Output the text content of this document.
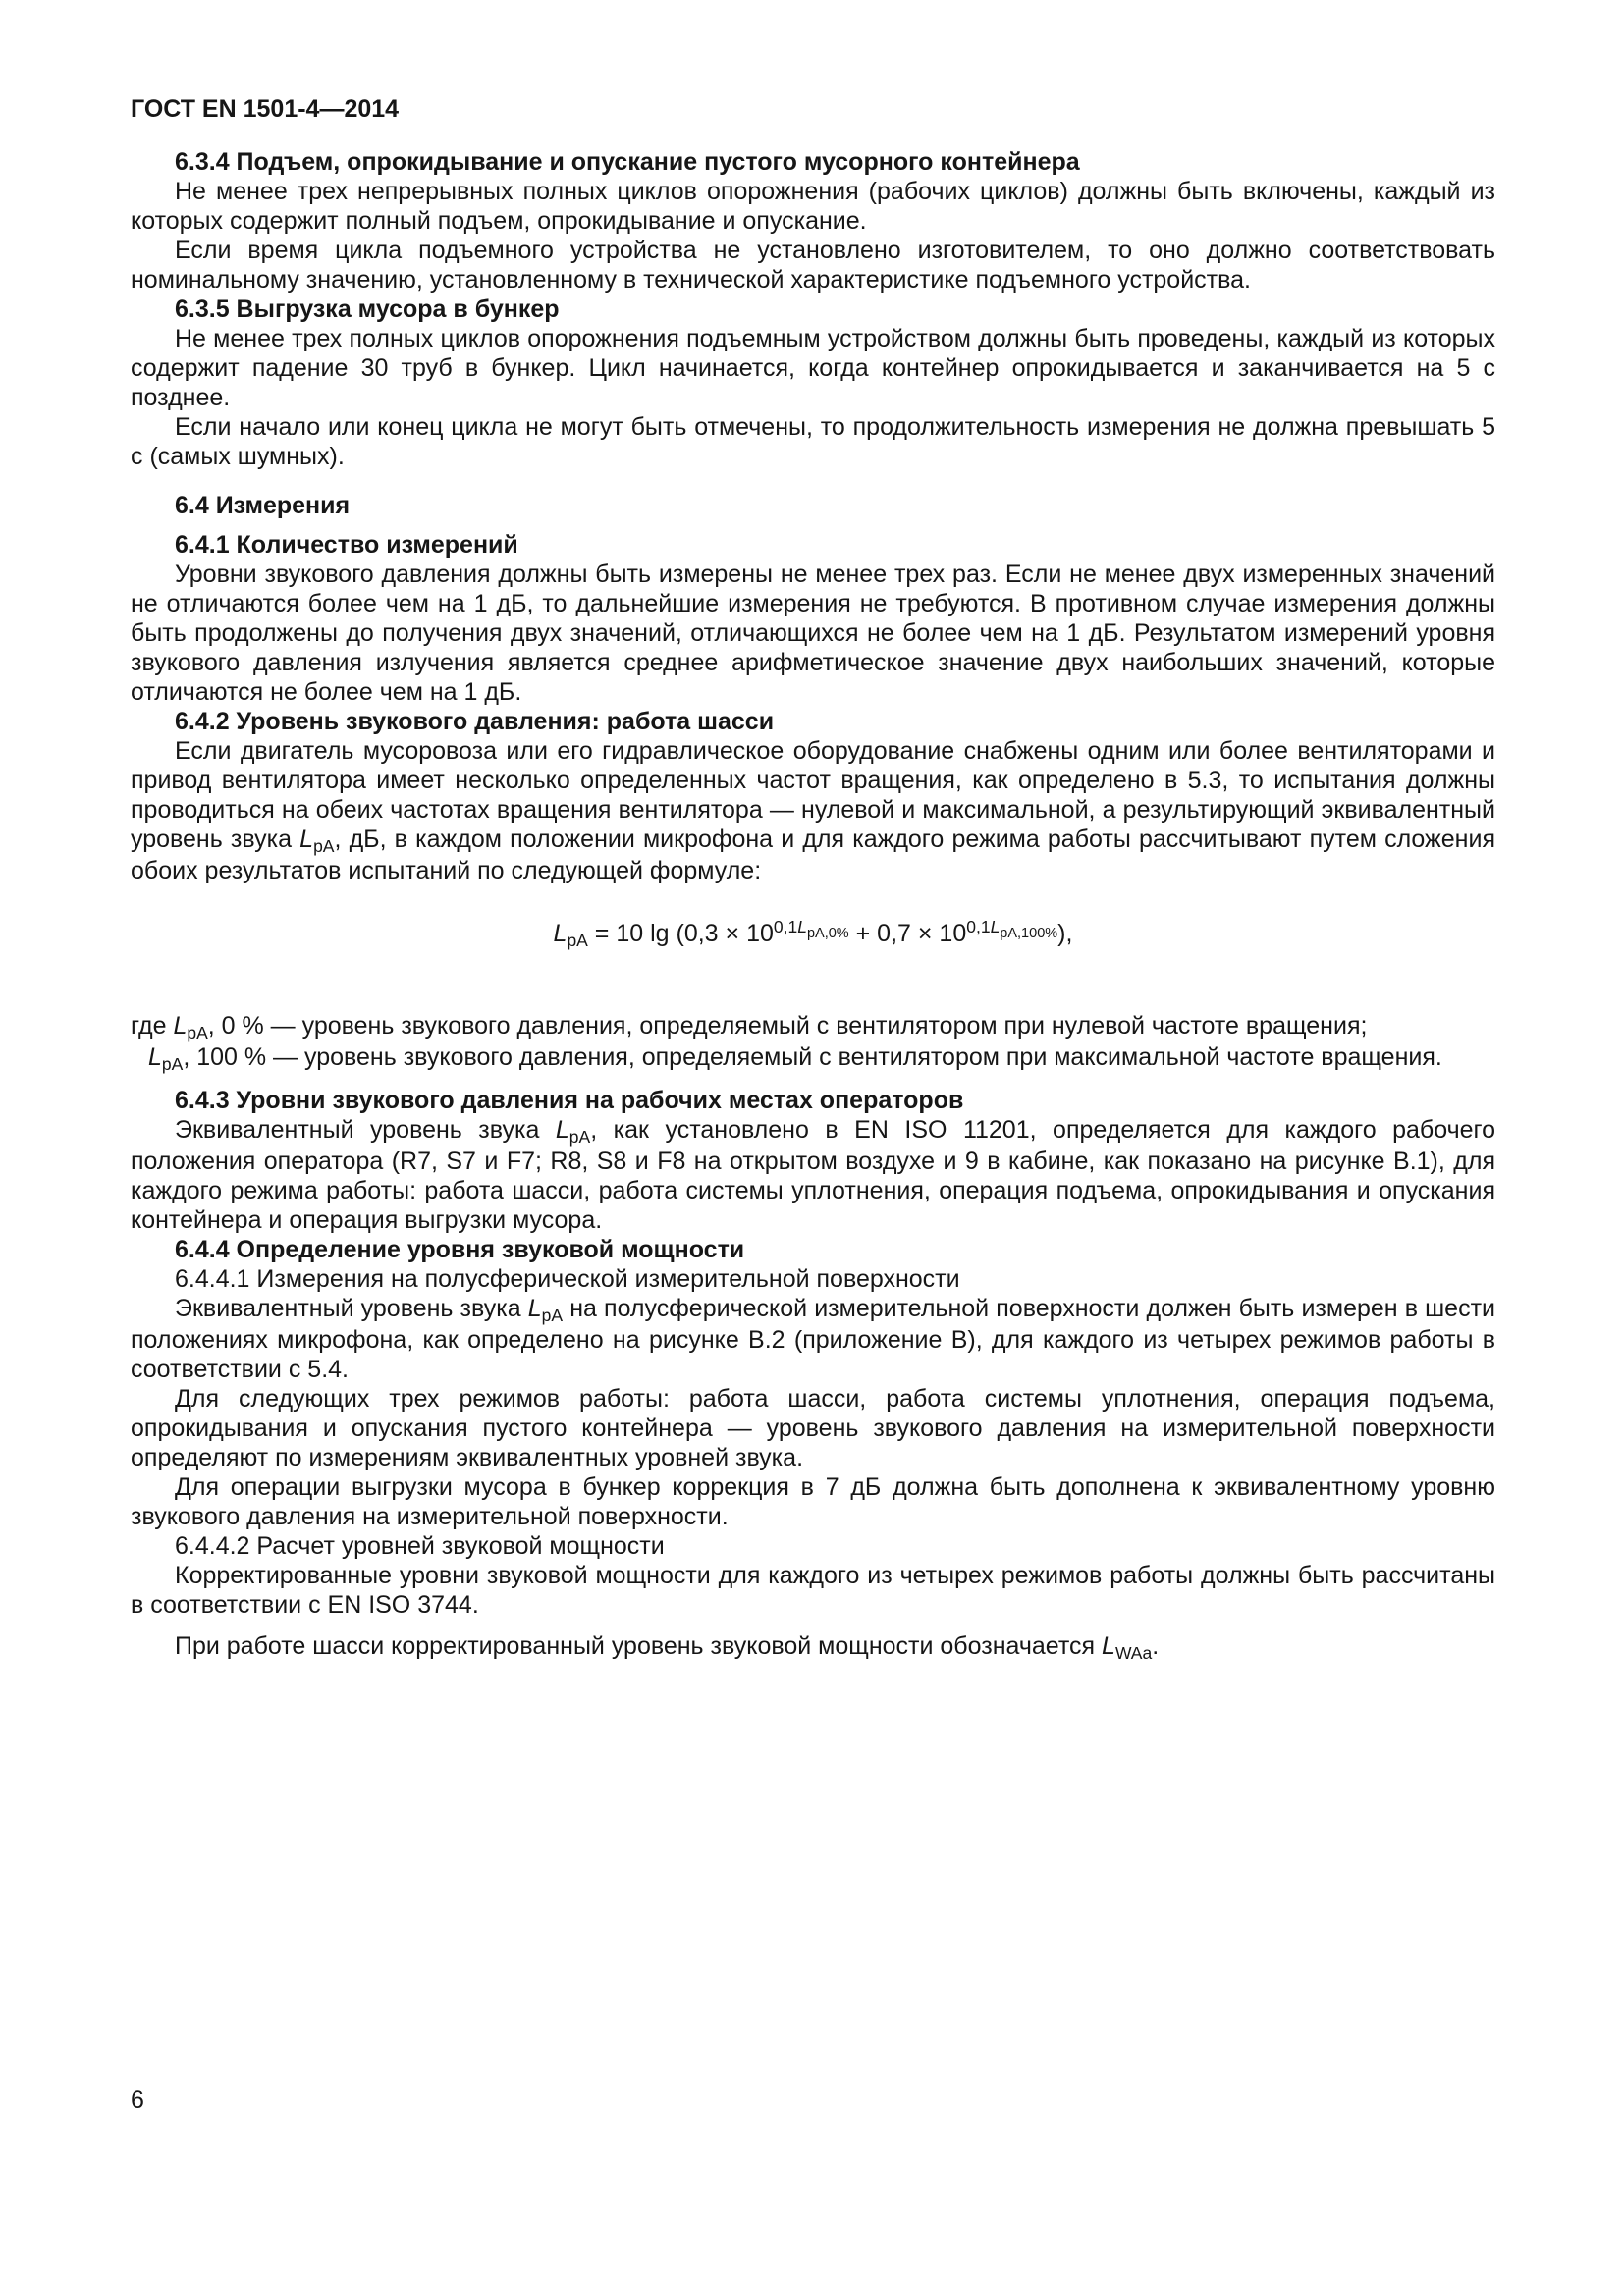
ГОСТ EN 1501-4—2014
6.3.4 Подъем, опрокидывание и опускание пустого мусорного контейнера
Не менее трех непрерывных полных циклов опорожнения (рабочих циклов) должны быть включены, каждый из которых содержит полный подъем, опрокидывание и опускание.
Если время цикла подъемного устройства не установлено изготовителем, то оно должно соответствовать номинальному значению, установленному в технической характеристике подъемного устройства.
6.3.5 Выгрузка мусора в бункер
Не менее трех полных циклов опорожнения подъемным устройством должны быть проведены, каждый из которых содержит падение 30 труб в бункер. Цикл начинается, когда контейнер опрокидывается и заканчивается на 5 с позднее.
Если начало или конец цикла не могут быть отмечены, то продолжительность измерения не должна превышать 5 с (самых шумных).
6.4 Измерения
6.4.1 Количество измерений
Уровни звукового давления должны быть измерены не менее трех раз. Если не менее двух измеренных значений не отличаются более чем на 1 дБ, то дальнейшие измерения не требуются. В противном случае измерения должны быть продолжены до получения двух значений, отличающихся не более чем на 1 дБ. Результатом измерений уровня звукового давления излучения является среднее арифметическое значение двух наибольших значений, которые отличаются не более чем на 1 дБ.
6.4.2 Уровень звукового давления: работа шасси
Если двигатель мусоровоза или его гидравлическое оборудование снабжены одним или более вентиляторами и привод вентилятора имеет несколько определенных частот вращения, как определено в 5.3, то испытания должны проводиться на обеих частотах вращения вентилятора — нулевой и максимальной, а результирующий эквивалентный уровень звука LpA, дБ, в каждом положении микрофона и для каждого режима работы рассчитывают путем сложения обоих результатов испытаний по следующей формуле:
LpA = 10 $\lg (0,3 \times 10^{0,1L}pA,0\% + 0,7 \times 10^{0,1L}pA,100\%)$,
где LpA, 0 % — уровень звукового давления, определяемый с вентилятором при нулевой частоте вращения;
LpA, 100 % — уровень звукового давления, определяемый с вентилятором при максимальной частоте вращения.
6.4.3 Уровни звукового давления на рабочих местах операторов
Эквивалентный уровень звука LpA, как установлено в EN ISO 11201, определяется для каждого рабочего положения оператора (R7, S7 и F7; R8, S8 и F8 на открытом воздухе и 9 в кабине, как показано на рисунке В.1), для каждого режима работы: работа шасси, работа системы уплотнения, операция подъема, опрокидывания и опускания контейнера и операция выгрузки мусора.
6.4.4 Определение уровня звуковой мощности
6.4.4.1 Измерения на полусферической измерительной поверхности
Эквивалентный уровень звука LpA на полусферической измерительной поверхности должен быть измерен в шести положениях микрофона, как определено на рисунке В.2 (приложение В), для каждого из четырех режимов работы в соответствии с 5.4.
Для следующих трех режимов работы: работа шасси, работа системы уплотнения, операция подъема, опрокидывания и опускания пустого контейнера — уровень звукового давления на измерительной поверхности определяют по измерениям эквивалентных уровней звука.
Для операции выгрузки мусора в бункер коррекция в 7 дБ должна быть дополнена к эквивалентному уровню звукового давления на измерительной поверхности.
6.4.4.2 Расчет уровней звуковой мощности
Корректированные уровни звуковой мощности для каждого из четырех режимов работы должны быть рассчитаны в соответствии с EN ISO 3744.
При работе шасси корректированный уровень звуковой мощности обозначается LWAa.
6
